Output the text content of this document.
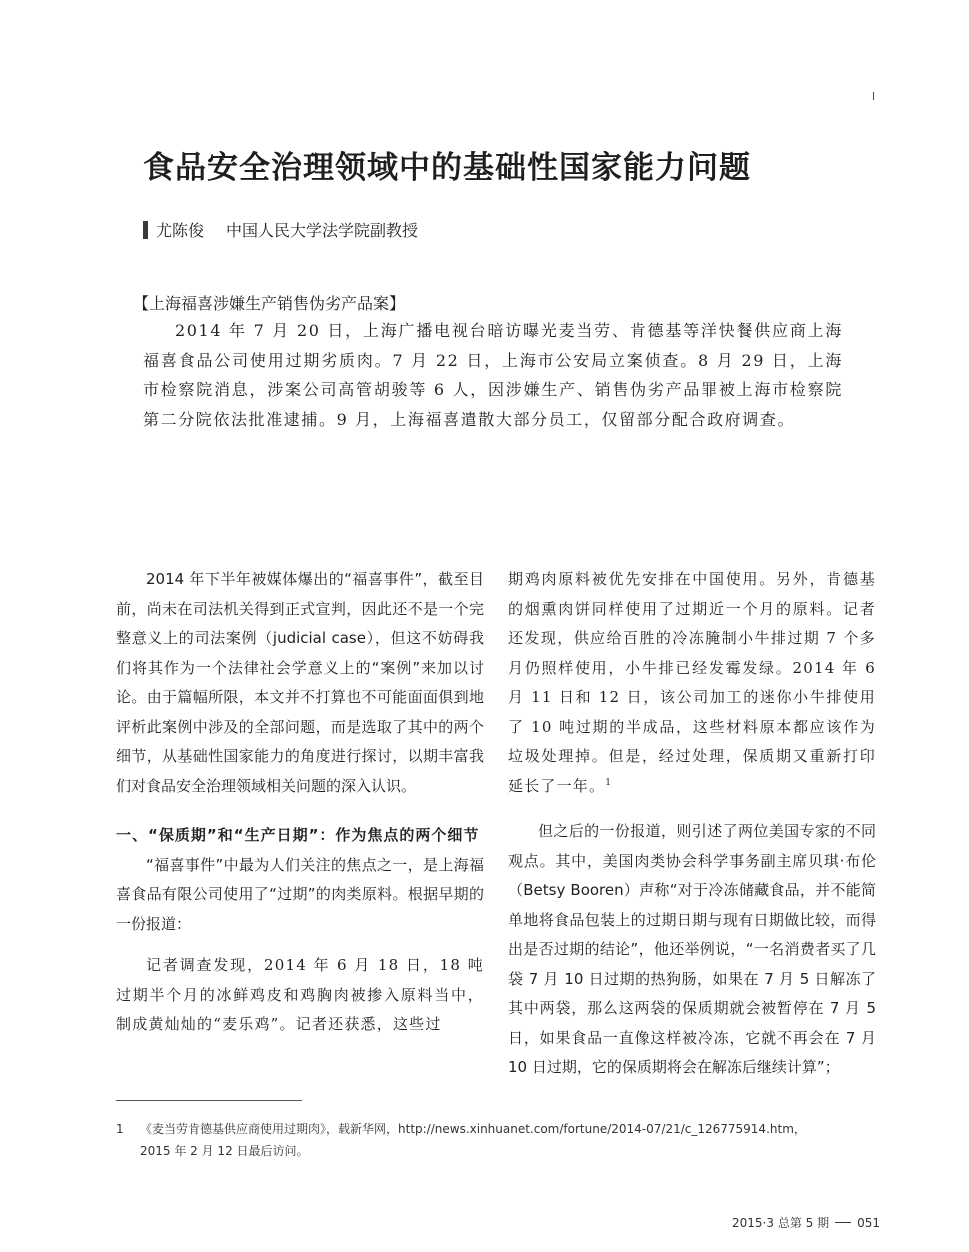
食品安全治理领域中的基础性国家能力问题
尤陈俊 中国人民大学法学院副教授
【上海福喜涉嫌生产销售伪劣产品案】

2014 年 7 月 20 日，上海广播电视台暗访曝光麦当劳、肯德基等洋快餐供应商上海福喜食品公司使用过期劣质肉。7 月 22 日，上海市公安局立案侦查。8 月 29 日，上海市检察院消息，涉案公司高管胡骏等 6 人，因涉嫌生产、销售伪劣产品罪被上海市检察院第二分院依法批准逮捕。9 月，上海福喜遣散大部分员工，仅留部分配合政府调查。

2014 年下半年被媒体爆出的“福喜事件”，截至目前，尚未在司法机关得到正式宣判，因此还不是一个完整意义上的司法案例（judicial case），但这不妨碍我们将其作为一个法律社会学意义上的“案例”来加以讨论。由于篇幅所限，本文并不打算也不可能面面俱到地评析此案例中涉及的全部问题，而是选取了其中的两个细节，从基础性国家能力的角度进行探讨，以期丰富我们对食品安全治理领域相关问题的深入认识。

一、“保质期”和“生产日期”：作为焦点的两个细节

“福喜事件”中最为人们关注的焦点之一，是上海福喜食品有限公司使用了“过期”的肉类原料。根据早期的一份报道：

记者调查发现，2014 年 6 月 18 日，18 吨过期半个月的冰鲜鸡皮和鸡胸肉被掺入原料当中，制成黄灿灿的“麦乐鸡”。记者还获悉，这些过

期鸡肉原料被优先安排在中国使用。另外，肯德基的烟熏肉饼同样使用了过期近一个月的原料。记者还发现，供应给百胜的冷冻腌制小牛排过期 7 个多月仍照样使用，小牛排已经发霉发绿。2014 年 6 月 11 日和 12 日，该公司加工的迷你小牛排使用了 10 吨过期的半成品，这些材料原本都应该作为垃圾处理掉。但是，经过处理，保质期又重新打印延长了一年。$^1$

但之后的一份报道，则引述了两位美国专家的不同观点。其中，美国肉类协会科学事务副主席贝琪·布伦（Betsy Booren）声称“对于冷冻储藏食品，并不能简单地将食品包装上的过期日期与现有日期做比较，而得出是否过期的结论”，他还举例说，“一名消费者买了几袋 7 月 10 日过期的热狗肠，如果在 7 月 5 日解冻了其中两袋，那么这两袋的保质期就会被暂停在 7 月 5 日，如果食品一直像这样被冷冻，它就不再会在 7 月 10 日过期，它的保质期将会在解冻后继续计算”；

1 《麦当劳肯德基供应商使用过期肉》，载新华网，http://news.xinhuanet.com/fortune/2014-07/21/c_126775914.htm，
2015 年 2 月 12 日最后访问。
2015·3 总第 5 期 051
